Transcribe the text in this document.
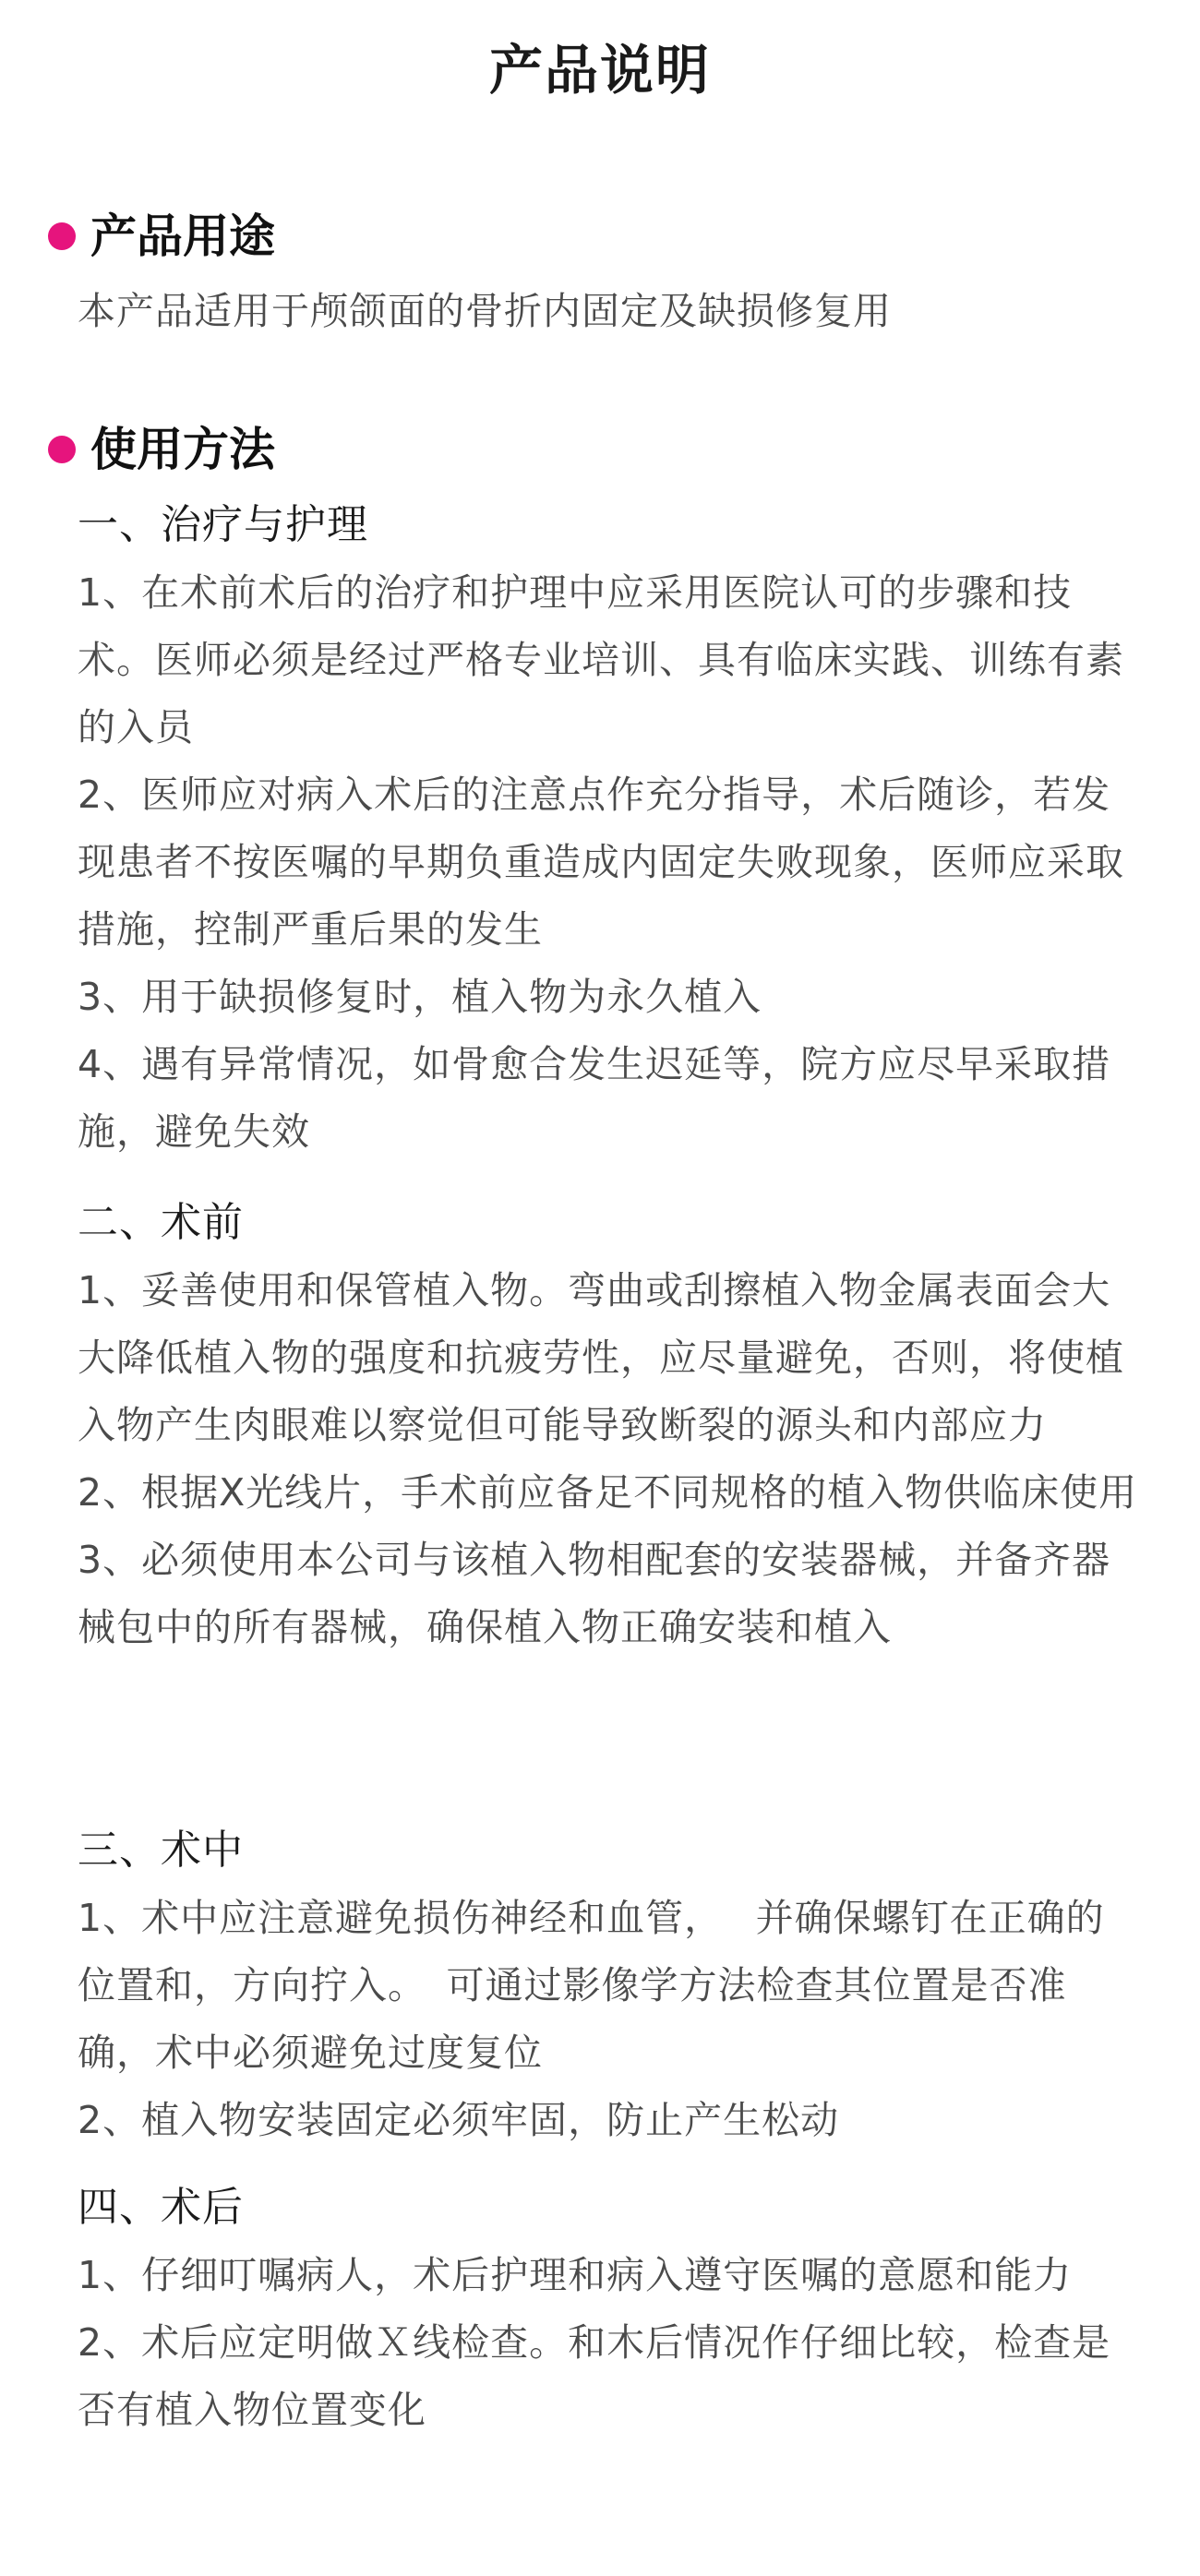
产品说明
产品用途

本产品适用于颅颌面的骨折内固定及缺损修复用

使用方法
一、治疗与护理

1、在术前术后的治疗和护理中应采用医院认可的步骤和技术。医师必须是经过严格专业培训、具有临床实践、训练有素的入员

2、医师应对病入术后的注意点作充分指导，术后随诊，若发现患者不按医嘱的早期负重造成内固定失败现象，医师应采取措施，控制严重后果的发生

3、用于缺损修复时，植入物为永久植入

4、遇有异常情况，如骨愈合发生迟延等，院方应尽早采取措施，避免失效

二、术前

1、妥善使用和保管植入物。弯曲或刮擦植入物金属表面会大大降低植入物的强度和抗疲劳性，应尽量避免，否则，将使植入物产生肉眼难以察觉但可能导致断裂的源头和内部应力

2、根据X光线片，手术前应备足不同规格的植入物供临床使用

3、必须使用本公司与该植入物相配套的安装器械，并备齐器械包中的所有器械，确保植入物正确安装和植入

三、术中

1、术中应注意避免损伤神经和血管，　 并确保螺钉在正确的位置和，方向拧入。　可通过影像学方法检查其位置是否准确，术中必须避免过度复位

2、植入物安装固定必须牢固，防止产生松动

四、术后

1、仔细叮嘱病人，术后护理和病入遵守医嘱的意愿和能力

2、术后应定明做Ｘ线检查。和木后情况作仔细比较，检查是否有植入物位置变化
